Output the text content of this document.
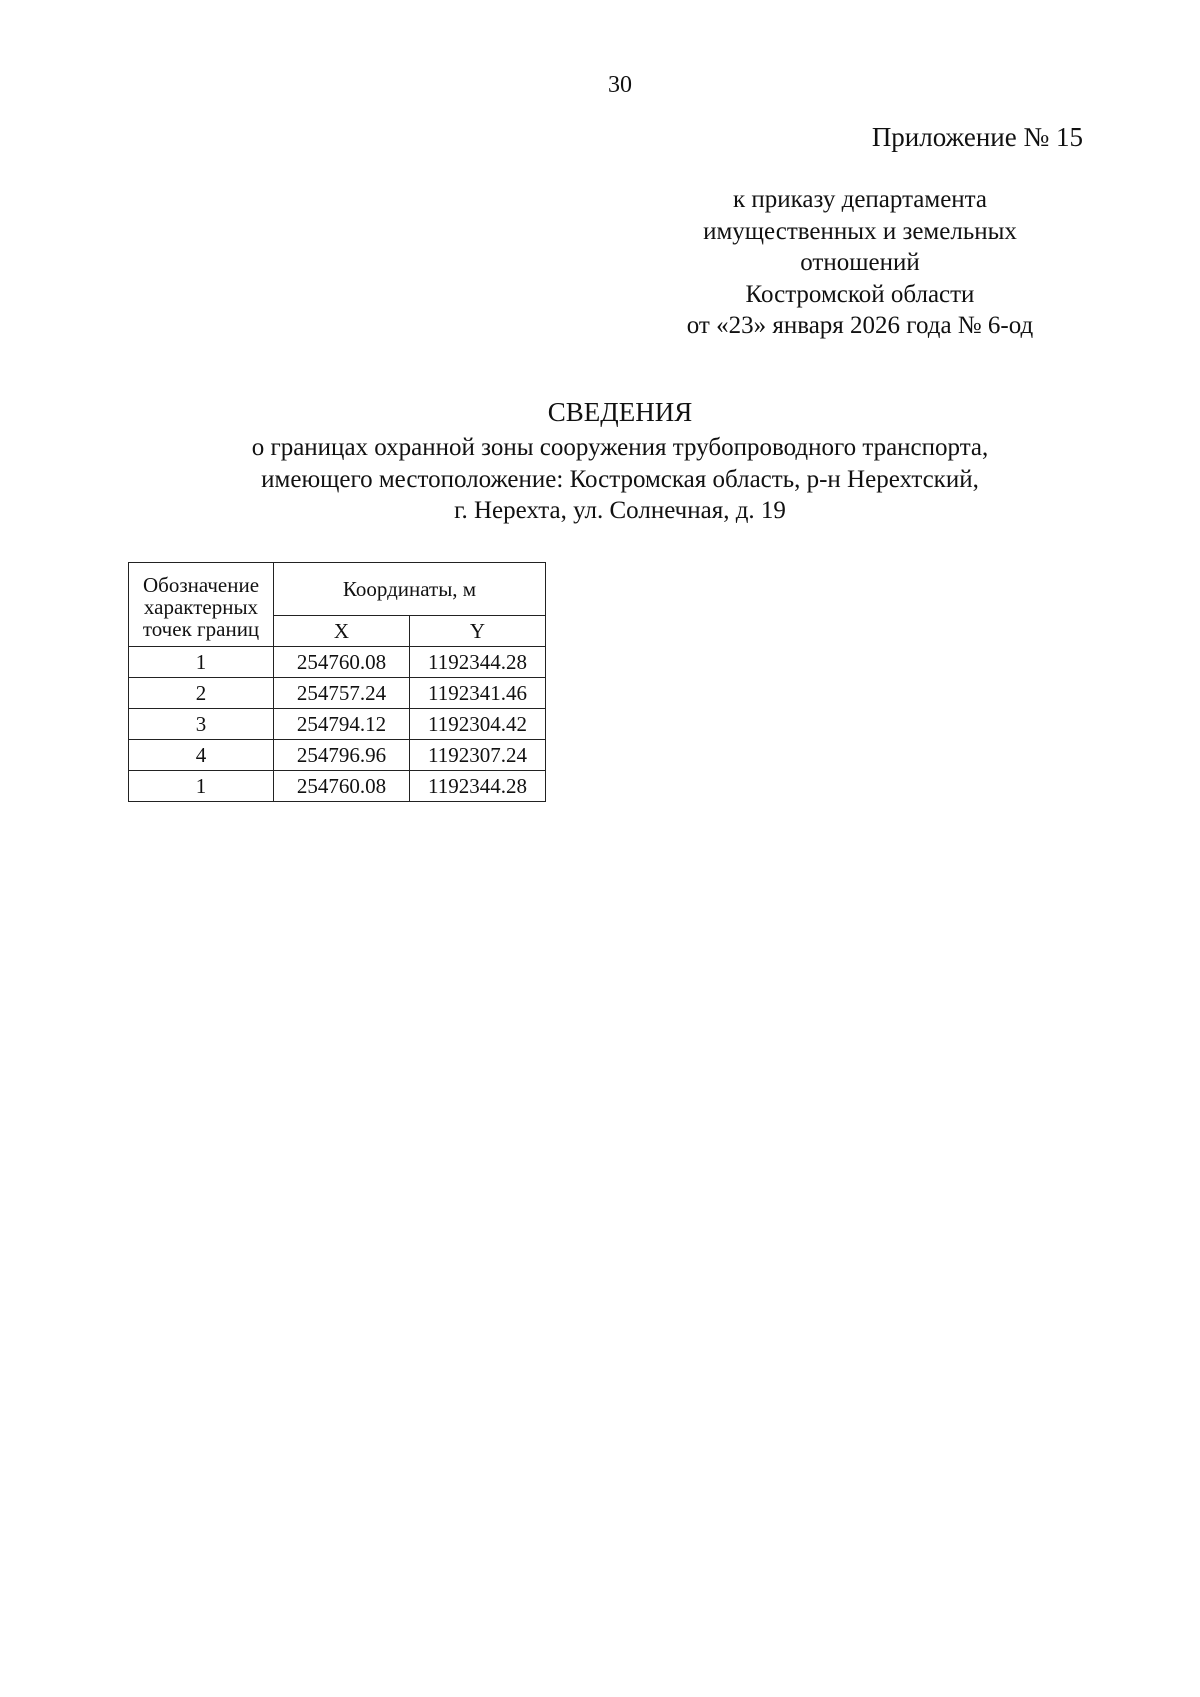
30
Приложение № 15
к приказу департамента
имущественных и земельных
отношений
Костромской области
от «23» января 2026 года № 6-од
СВЕДЕНИЯ
о границах охранной зоны сооружения трубопроводного транспорта,
имеющего местоположение: Костромская область, р-н Нерехтский,
г. Нерехта, ул. Солнечная, д. 19
Обозначение
характерных
точек границ	Координаты, м	
	X	Y
1	254760.08	1192344.28
2	254757.24	1192341.46
3	254794.12	1192304.42
4	254796.96	1192307.24
1	254760.08	1192344.28
